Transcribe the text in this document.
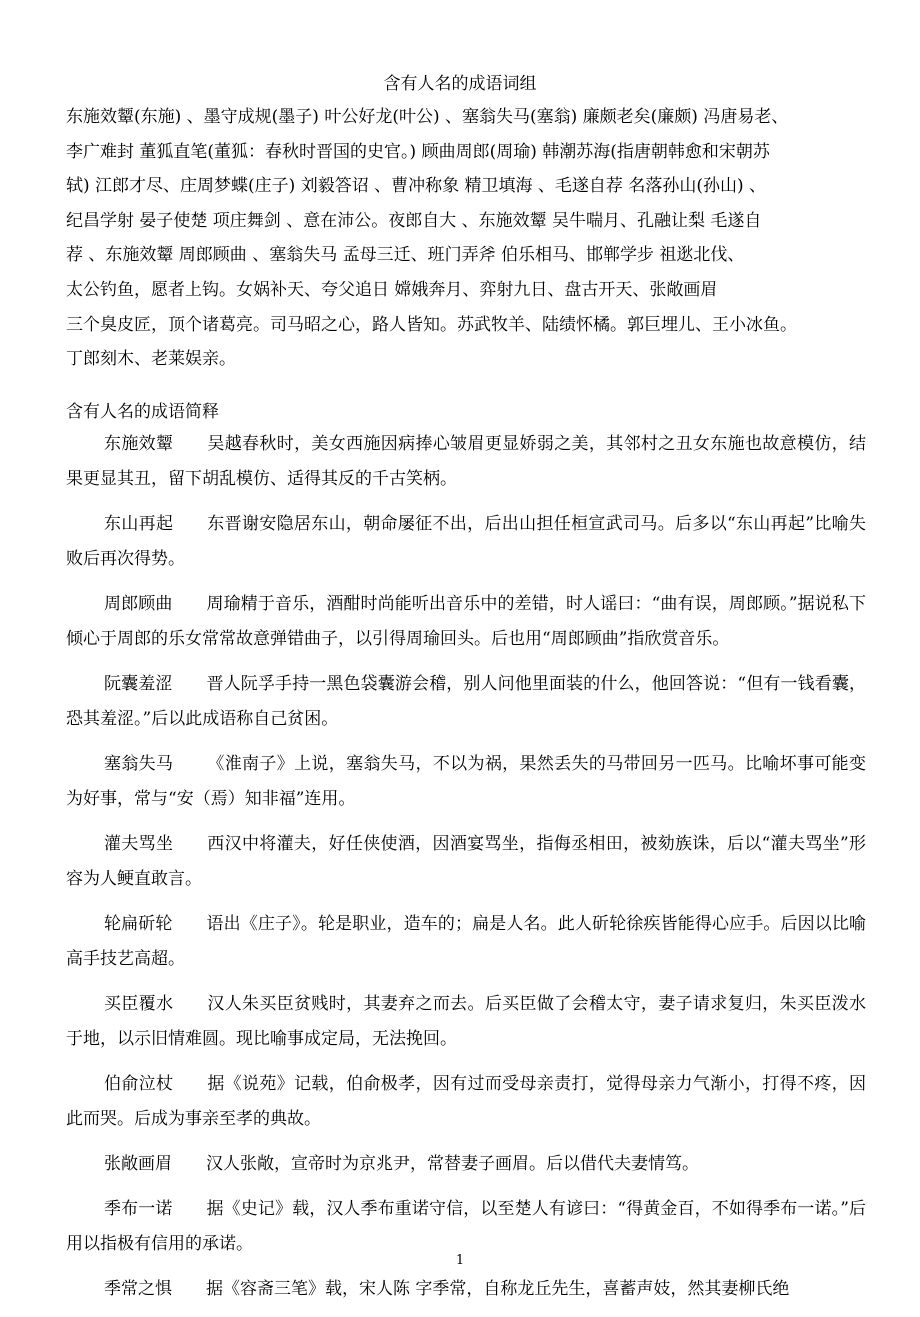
含有人名的成语词组

东施效颦(东施) 、墨守成规(墨子) 叶公好龙(叶公) 、塞翁失马(塞翁) 廉颇老矣(廉颇) 冯唐易老、

李广难封 董狐直笔(董狐：春秋时晋国的史官。) 顾曲周郎(周瑜) 韩潮苏海(指唐朝韩愈和宋朝苏

轼) 江郎才尽、庄周梦蝶(庄子) 刘毅答诏 、曹冲称象 精卫填海 、毛遂自荐 名落孙山(孙山) 、

纪昌学射 晏子使楚 项庄舞剑 、意在沛公。夜郎自大 、东施效颦 吴牛喘月、孔融让梨 毛遂自

荐 、东施效颦 周郎顾曲 、塞翁失马 孟母三迁、班门弄斧 伯乐相马、邯郸学步 祖逖北伐、

太公钓鱼，愿者上钩。女娲补天、夸父追日 嫦娥奔月、弈射九日、盘古开天、张敞画眉

三个臭皮匠，顶个诸葛亮。司马昭之心，路人皆知。苏武牧羊、陆绩怀橘。郭巨埋儿、王小冰鱼。

丁郎刻木、老莱娱亲。

含有人名的成语简释

东施效颦 吴越春秋时，美女西施因病捧心皱眉更显娇弱之美，其邻村之丑女东施也故意模仿，结果更显其丑，留下胡乱模仿、适得其反的千古笑柄。

东山再起 东晋谢安隐居东山，朝命屡征不出，后出山担任桓宣武司马。后多以“东山再起”比喻失败后再次得势。

周郎顾曲 周瑜精于音乐，酒酣时尚能听出音乐中的差错，时人谣曰：“曲有误，周郎顾。”据说私下倾心于周郎的乐女常常故意弹错曲子，以引得周瑜回头。后也用“周郎顾曲”指欣赏音乐。

阮囊羞涩 晋人阮孚手持一黑色袋囊游会稽，别人问他里面装的什么，他回答说：“但有一钱看囊，恐其羞涩。”后以此成语称自己贫困。

塞翁失马 《淮南子》上说，塞翁失马，不以为祸，果然丢失的马带回另一匹马。比喻坏事可能变为好事，常与“安（焉）知非福”连用。

灌夫骂坐 西汉中将灌夫，好任侠使酒，因酒宴骂坐，指侮丞相田，被劾族诛，后以“灌夫骂坐”形容为人鲠直敢言。

轮扁斫轮 语出《庄子》。轮是职业，造车的；扁是人名。此人斫轮徐疾皆能得心应手。后因以比喻高手技艺高超。

买臣覆水 汉人朱买臣贫贱时，其妻弃之而去。后买臣做了会稽太守，妻子请求复归，朱买臣泼水于地，以示旧情难圆。现比喻事成定局，无法挽回。

伯俞泣杖 据《说苑》记载，伯俞极孝，因有过而受母亲责打，觉得母亲力气渐小，打得不疼，因此而哭。后成为事亲至孝的典故。

张敞画眉 汉人张敞，宣帝时为京兆尹，常替妻子画眉。后以借代夫妻情笃。

季布一诺 据《史记》载，汉人季布重诺守信，以至楚人有谚曰：“得黄金百，不如得季布一诺。”后用以指极有信用的承诺。

季常之惧 据《容斋三笔》载，宋人陈 字季常，自称龙丘先生，喜蓄声妓，然其妻柳氏绝

1
